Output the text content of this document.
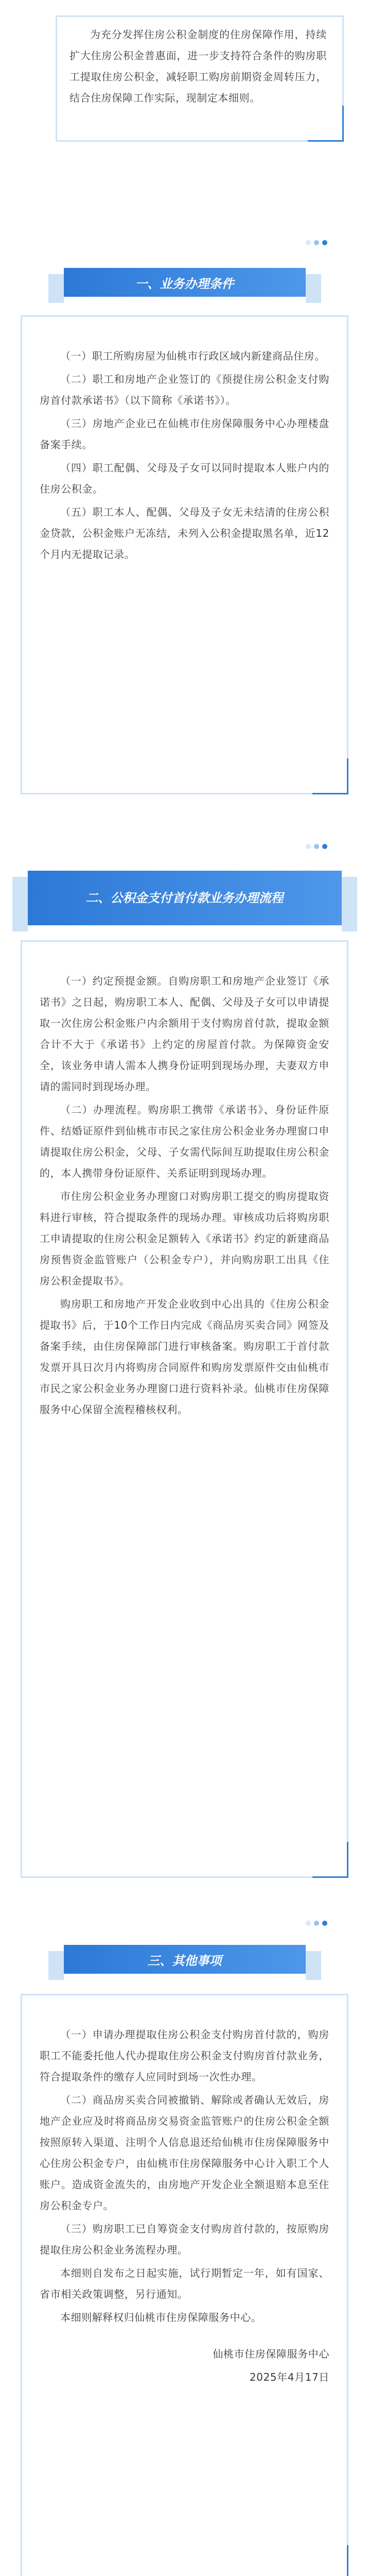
为充分发挥住房公积金制度的住房保障作用，持续扩大住房公积金普惠面，进一步支持符合条件的购房职工提取住房公积金，减轻职工购房前期资金周转压力，结合住房保障工作实际，现制定本细则。

一、业务办理条件

（一）职工所购房屋为仙桃市行政区域内新建商品住房。

（二）职工和房地产企业签订的《预提住房公积金支付购房首付款承诺书》（以下简称《承诺书》）。

（三）房地产企业已在仙桃市住房保障服务中心办理楼盘备案手续。

（四）职工配偶、父母及子女可以同时提取本人账户内的住房公积金。

（五）职工本人、配偶、父母及子女无未结清的住房公积金贷款，公积金账户无冻结，未列入公积金提取黑名单，近12个月内无提取记录。

二、公积金支付首付款业务办理流程

（一）约定预提金额。自购房职工和房地产企业签订《承诺书》之日起，购房职工本人、配偶、父母及子女可以申请提取一次住房公积金账户内余额用于支付购房首付款，提取金额合计不大于《承诺书》上约定的房屋首付款。为保障资金安全，该业务申请人需本人携身份证明到现场办理，夫妻双方申请的需同时到现场办理。

（二）办理流程。购房职工携带《承诺书》、身份证件原件、结婚证原件到仙桃市市民之家住房公积金业务办理窗口申请提取住房公积金，父母、子女需代际间互助提取住房公积金的，本人携带身份证原件、关系证明到现场办理。

市住房公积金业务办理窗口对购房职工提交的购房提取资料进行审核，符合提取条件的现场办理。审核成功后将购房职工申请提取的住房公积金足额转入《承诺书》约定的新建商品房预售资金监管账户（公积金专户），并向购房职工出具《住房公积金提取书》。

购房职工和房地产开发企业收到中心出具的《住房公积金提取书》后，于10个工作日内完成《商品房买卖合同》网签及备案手续，由住房保障部门进行审核备案。购房职工于首付款发票开具日次月内将购房合同原件和购房发票原件交由仙桃市市民之家公积金业务办理窗口进行资料补录。仙桃市住房保障服务中心保留全流程稽核权利。

三、其他事项

（一）申请办理提取住房公积金支付购房首付款的，购房职工不能委托他人代办提取住房公积金支付购房首付款业务，符合提取条件的缴存人应同时到场一次性办理。

（二）商品房买卖合同被撤销、解除或者确认无效后，房地产企业应及时将商品房交易资金监管账户的住房公积金全额按照原转入渠道、注明个人信息退还给仙桃市住房保障服务中心住房公积金专户，由仙桃市住房保障服务中心计入职工个人账户。造成资金流失的，由房地产开发企业全额退赔本息至住房公积金专户。

（三）购房职工已自筹资金支付购房首付款的，按原购房提取住房公积金业务流程办理。

本细则自发布之日起实施，试行期暂定一年，如有国家、省市相关政策调整，另行通知。

本细则解释权归仙桃市住房保障服务中心。

仙桃市住房保障服务中心

2025年4月17日
